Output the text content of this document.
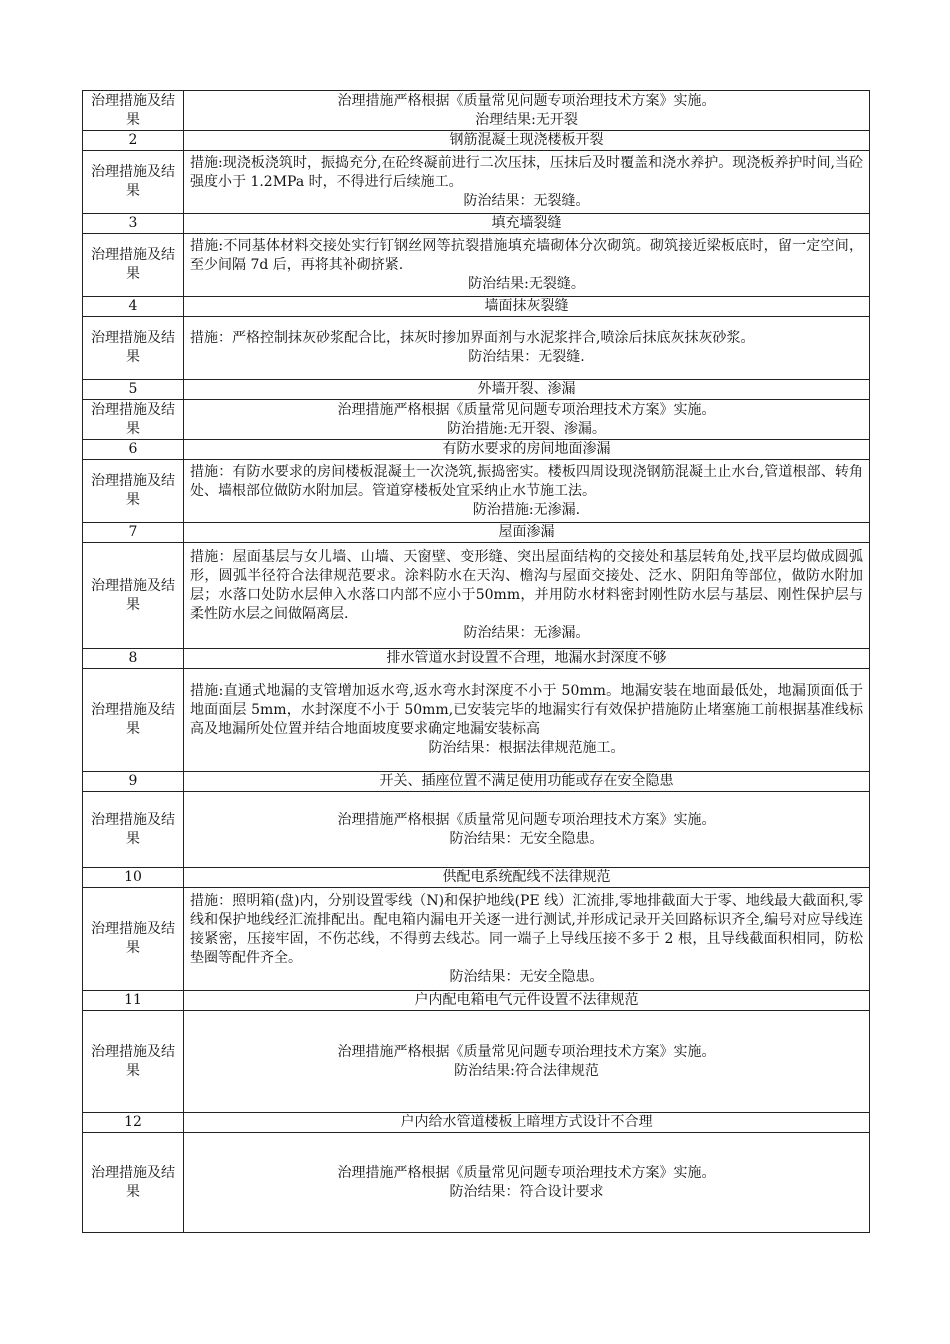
治理措施及结果	治理措施严格根据《质量常见问题专项治理技术方案》实施。
治理结果:无开裂

2	钢筋混凝土现浇楼板开裂
治理措施及结果	措施:现浇板浇筑时，振捣充分,在砼终凝前进行二次压抹，压抹后及时覆盖和浇水养护。现浇板养护时间,当砼强度小于 1.2MPa 时，不得进行后续施工。
防治结果：无裂缝。

3	填充墙裂缝
治理措施及结果	措施:不同基体材料交接处实行钉钢丝网等抗裂措施填充墙砌体分次砌筑。砌筑接近梁板底时，留一定空间，至少间隔 7d 后，再将其补砌挤紧.
防治结果:无裂缝。

4	墙面抹灰裂缝
治理措施及结果	措施：严格控制抹灰砂浆配合比，抹灰时掺加界面剂与水泥浆拌合,喷涂后抹底灰抹灰砂浆。
防治结果：无裂缝.

5	外墙开裂、渗漏
治理措施及结果	治理措施严格根据《质量常见问题专项治理技术方案》实施。
防治措施:无开裂、渗漏。

6	有防水要求的房间地面渗漏
治理措施及结果	措施：有防水要求的房间楼板混凝土一次浇筑,振捣密实。楼板四周设现浇钢筋混凝土止水台,管道根部、转角处、墙根部位做防水附加层。管道穿楼板处宜采纳止水节施工法。
防治措施:无渗漏.

7	屋面渗漏
治理措施及结果	措施：屋面基层与女儿墙、山墙、天窗壁、变形缝、突出屋面结构的交接处和基层转角处,找平层均做成圆弧形，圆弧半径符合法律规范要求。涂料防水在天沟、檐沟与屋面交接处、泛水、阴阳角等部位，做防水附加层；水落口处防水层伸入水落口内部不应小于50mm，并用防水材料密封刚性防水层与基层、刚性保护层与柔性防水层之间做隔离层.
防治结果：无渗漏。

8	排水管道水封设置不合理，地漏水封深度不够
治理措施及结果	措施:直通式地漏的支管增加返水弯,返水弯水封深度不小于 50mm。地漏安装在地面最低处，地漏顶面低于地面面层 5mm，水封深度不小于 50mm,已安装完毕的地漏实行有效保护措施防止堵塞施工前根据基准线标高及地漏所处位置并结合地面坡度要求确定地漏安装标高
防治结果：根据法律规范施工。

9	开关、插座位置不满足使用功能或存在安全隐患
治理措施及结果	治理措施严格根据《质量常见问题专项治理技术方案》实施。
防治结果：无安全隐患。

10	供配电系统配线不法律规范
治理措施及结果	措施：照明箱(盘)内，分别设置零线（N)和保护地线(PE 线）汇流排,零地排截面大于零、地线最大截面积,零线和保护地线经汇流排配出。配电箱内漏电开关逐一进行测试,并形成记录开关回路标识齐全,编号对应导线连接紧密，压接牢固，不伤芯线，不得剪去线芯。同一端子上导线压接不多于 2 根，且导线截面积相同，防松垫圈等配件齐全。
防治结果：无安全隐患。

11	户内配电箱电气元件设置不法律规范
治理措施及结果	治理措施严格根据《质量常见问题专项治理技术方案》实施。
防治结果:符合法律规范

12	户内给水管道楼板上暗埋方式设计不合理
治理措施及结果	治理措施严格根据《质量常见问题专项治理技术方案》实施。
防治结果：符合设计要求
